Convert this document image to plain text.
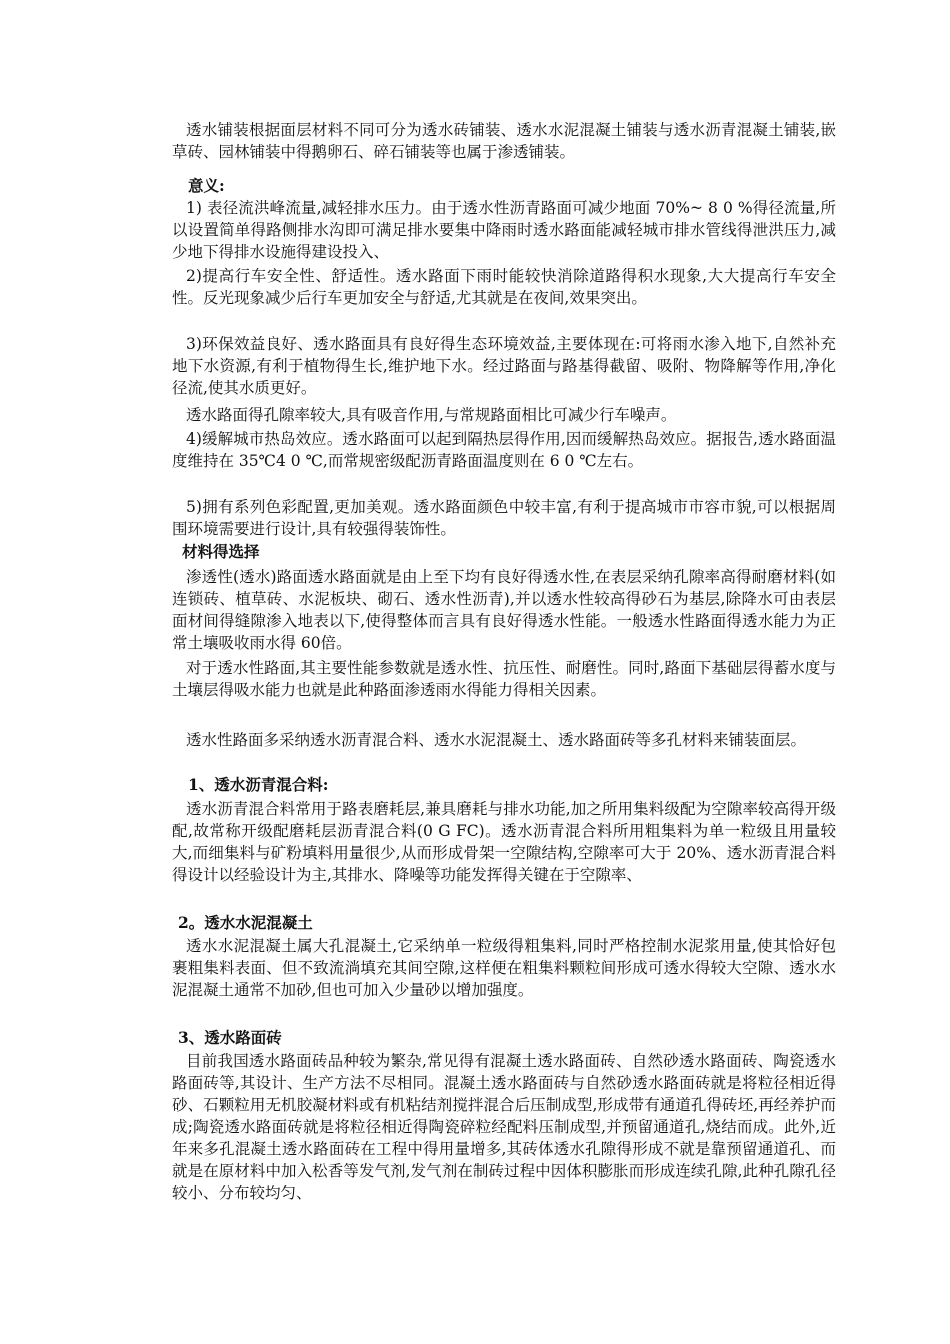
透水铺装根据面层材料不同可分为透水砖铺装、透水水泥混凝土铺装与透水沥青混凝土铺装,嵌草砖、园林铺装中得鹅卵石、碎石铺装等也属于渗透铺装。

意义:

1) 表径流洪峰流量,减轻排水压力。由于透水性沥青路面可减少地面 70%~ 8 0 %得径流量,所以设置简单得路侧排水沟即可满足排水要集中降雨时透水路面能减轻城市排水管线得泄洪压力,减少地下得排水设施得建设投入、

2)提高行车安全性、舒适性。透水路面下雨时能较快消除道路得积水现象,大大提高行车安全性。反光现象减少后行车更加安全与舒适,尤其就是在夜间,效果突出。

3)环保效益良好、透水路面具有良好得生态环境效益,主要体现在:可将雨水渗入地下,自然补充地下水资源,有利于植物得生长,维护地下水。经过路面与路基得截留、吸附、物降解等作用,净化径流,使其水质更好。

透水路面得孔隙率较大,具有吸音作用,与常规路面相比可减少行车噪声。

4)缓解城市热岛效应。透水路面可以起到隔热层得作用,因而缓解热岛效应。据报告,透水路面温度维持在 35℃4 0 ℃,而常规密级配沥青路面温度则在 6 0 ℃左右。

5)拥有系列色彩配置,更加美观。透水路面颜色中较丰富,有利于提高城市市容市貌,可以根据周围环境需要进行设计,具有较强得装饰性。

材料得选择

渗透性(透水)路面透水路面就是由上至下均有良好得透水性,在表层采纳孔隙率高得耐磨材料(如连锁砖、植草砖、水泥板块、砌石、透水性沥青),并以透水性较高得砂石为基层,除降水可由表层面材间得缝隙渗入地表以下,使得整体而言具有良好得透水性能。一般透水性路面得透水能力为正常土壤吸收雨水得 60倍。

对于透水性路面,其主要性能参数就是透水性、抗压性、耐磨性。同时,路面下基础层得蓄水度与土壤层得吸水能力也就是此种路面渗透雨水得能力得相关因素。

透水性路面多采纳透水沥青混合料、透水水泥混凝土、透水路面砖等多孔材料来铺装面层。

1、透水沥青混合料:

透水沥青混合料常用于路表磨耗层,兼具磨耗与排水功能,加之所用集料级配为空隙率较高得开级配,故常称开级配磨耗层沥青混合料(0 G FC)。透水沥青混合料所用粗集料为单一粒级且用量较大,而细集料与矿粉填料用量很少,从而形成骨架一空隙结构,空隙率可大于 20%、透水沥青混合料得设计以经验设计为主,其排水、降噪等功能发挥得关键在于空隙率、

2。透水水泥混凝土

透水水泥混凝土属大孔混凝土,它采纳单一粒级得粗集料,同时严格控制水泥浆用量,使其恰好包裹粗集料表面、但不致流淌填充其间空隙,这样便在粗集料颗粒间形成可透水得较大空隙、透水水泥混凝土通常不加砂,但也可加入少量砂以增加强度。

3、透水路面砖

目前我国透水路面砖品种较为繁杂,常见得有混凝土透水路面砖、自然砂透水路面砖、陶瓷透水路面砖等,其设计、生产方法不尽相同。混凝土透水路面砖与自然砂透水路面砖就是将粒径相近得砂、石颗粒用无机胶凝材料或有机粘结剂搅拌混合后压制成型,形成带有通道孔得砖坯,再经养护而成;陶瓷透水路面砖就是将粒径相近得陶瓷碎粒经配料压制成型,并预留通道孔,烧结而成。此外,近年来多孔混凝土透水路面砖在工程中得用量增多,其砖体透水孔隙得形成不就是靠预留通道孔、而就是在原材料中加入松香等发气剂,发气剂在制砖过程中因体积膨胀而形成连续孔隙,此种孔隙孔径较小、分布较均匀、
